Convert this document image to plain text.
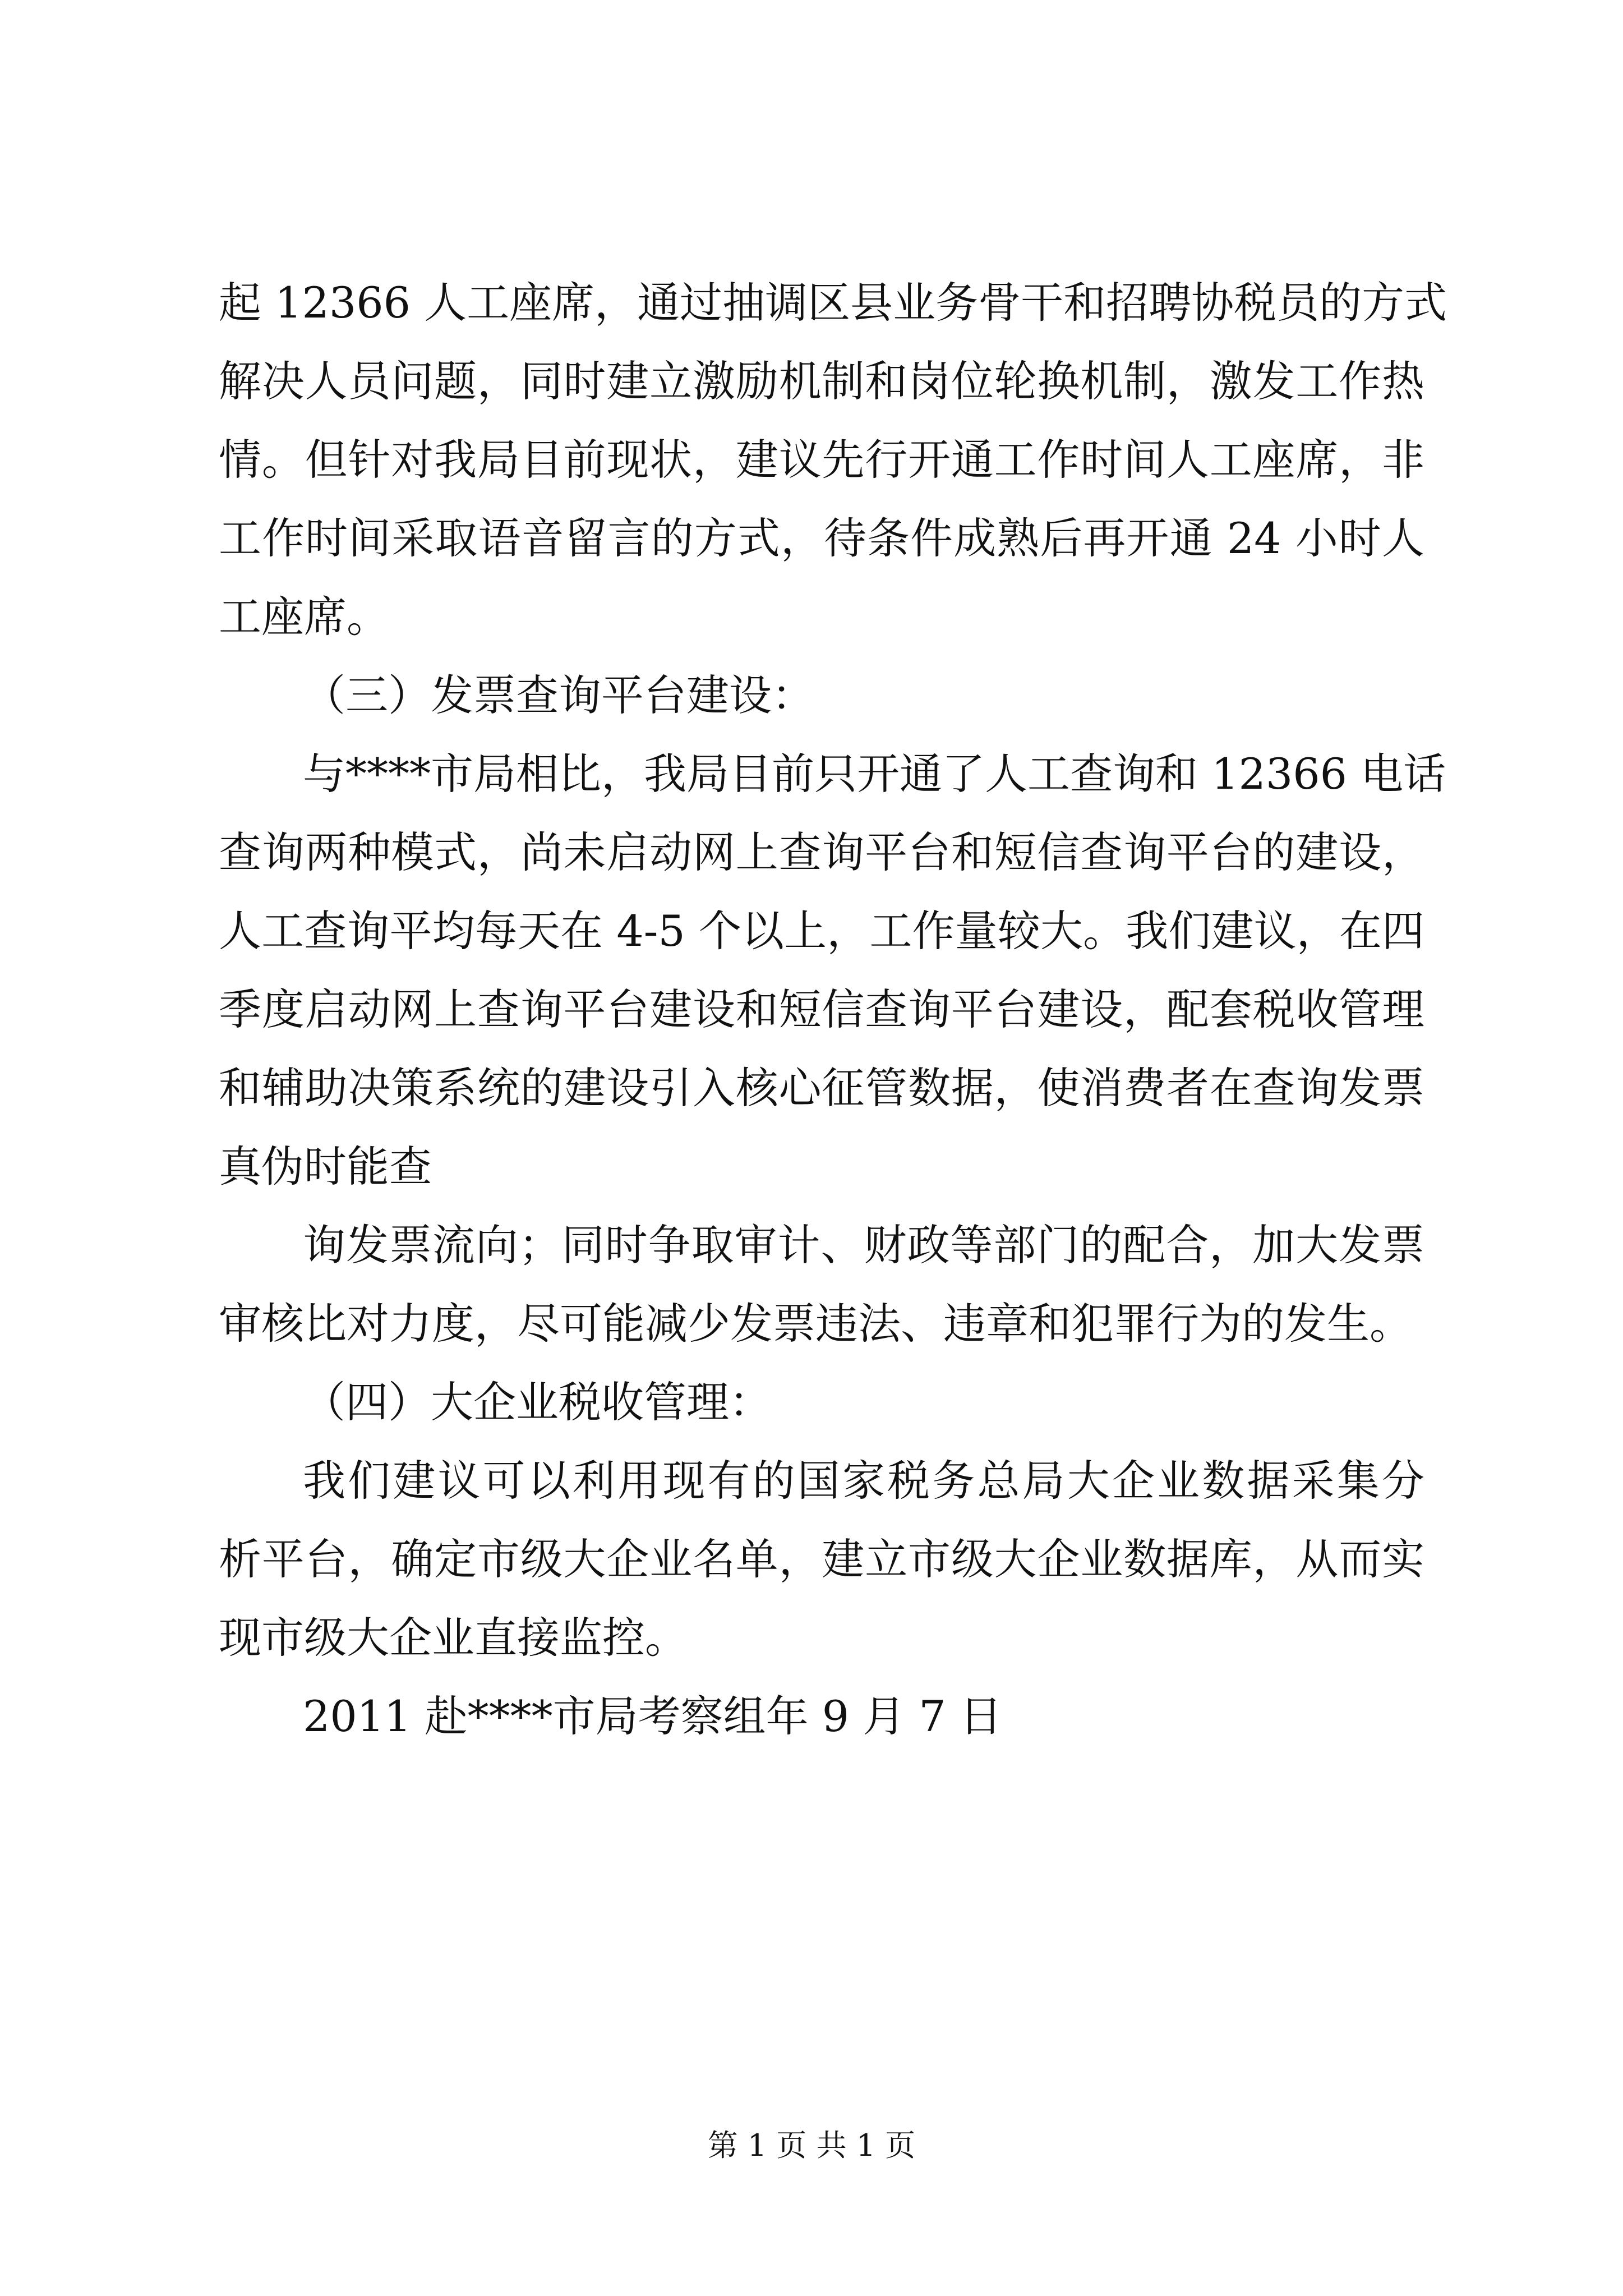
起 12366 人工座席，通过抽调区县业务骨干和招聘协税员的方式
解决人员问题，同时建立激励机制和岗位轮换机制，激发工作热
情。但针对我局目前现状，建议先行开通工作时间人工座席，非
工作时间采取语音留言的方式，待条件成熟后再开通 24 小时人
工座席。
（三）发票查询平台建设：
与****市局相比，我局目前只开通了人工查询和 12366 电话
查询两种模式，尚未启动网上查询平台和短信查询平台的建设，
人工查询平均每天在 4-5 个以上，工作量较大。我们建议，在四
季度启动网上查询平台建设和短信查询平台建设，配套税收管理
和辅助决策系统的建设引入核心征管数据，使消费者在查询发票
真伪时能查
询发票流向；同时争取审计、财政等部门的配合，加大发票
审核比对力度，尽可能减少发票违法、违章和犯罪行为的发生。
（四）大企业税收管理：
我们建议可以利用现有的国家税务总局大企业数据采集分
析平台，确定市级大企业名单，建立市级大企业数据库，从而实
现市级大企业直接监控。
2011 赴****市局考察组年 9 月 7 日
第 1 页 共 1 页
